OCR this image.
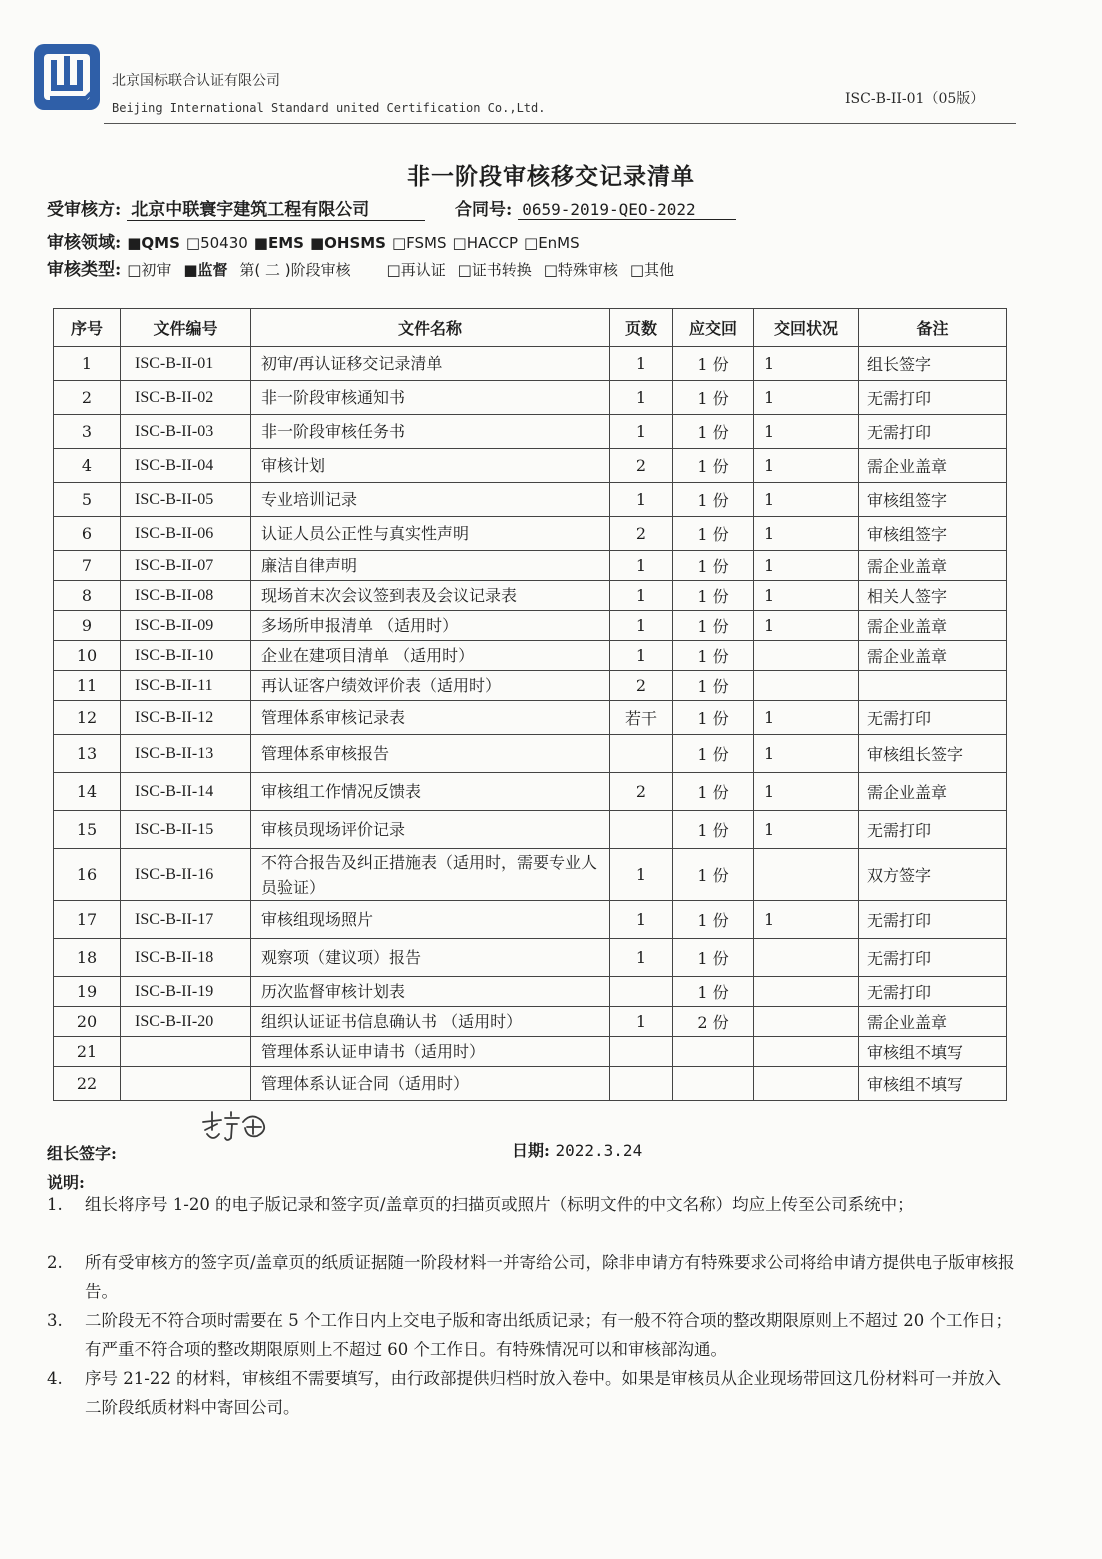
北京国标联合认证有限公司
Beijing International Standard united Certification Co.,Ltd.
ISC-B-II-01（05版）
非一阶段审核移交记录清单
受审核方: 北京中联寰宇建筑工程有限公司	合同号: 0659-2019-QEO-2022
审核领域: ■QMS □50430 ■EMS ■OHSMS □FSMS □HACCP □EnMS
审核类型: □初审 ■监督 第( 二 )阶段审核 □再认证 □证书转换 □特殊审核 □其他
序号	文件编号	文件名称	页数	应交回	交回状况	备注
1	ISC-B-II-01	初审/再认证移交记录清单	1	1 份	1	组长签字
2	ISC-B-II-02	非一阶段审核通知书	1	1 份	1	无需打印
3	ISC-B-II-03	非一阶段审核任务书	1	1 份	1	无需打印
4	ISC-B-II-04	审核计划	2	1 份	1	需企业盖章
5	ISC-B-II-05	专业培训记录	1	1 份	1	审核组签字
6	ISC-B-II-06	认证人员公正性与真实性声明	2	1 份	1	审核组签字
7	ISC-B-II-07	廉洁自律声明	1	1 份	1	需企业盖章
8	ISC-B-II-08	现场首末次会议签到表及会议记录表	1	1 份	1	相关人签字
9	ISC-B-II-09	多场所申报清单 （适用时）	1	1 份	1	需企业盖章
10	ISC-B-II-10	企业在建项目清单 （适用时）	1	1 份		需企业盖章
11	ISC-B-II-11	再认证客户绩效评价表（适用时）	2	1 份		
12	ISC-B-II-12	管理体系审核记录表	若干	1 份	1	无需打印
13	ISC-B-II-13	管理体系审核报告		1 份	1	审核组长签字
14	ISC-B-II-14	审核组工作情况反馈表	2	1 份	1	需企业盖章
15	ISC-B-II-15	审核员现场评价记录		1 份	1	无需打印
16	ISC-B-II-16	不符合报告及纠正措施表（适用时，需要专业人员验证）	1	1 份		双方签字
17	ISC-B-II-17	审核组现场照片	1	1 份	1	无需打印
18	ISC-B-II-18	观察项（建议项）报告	1	1 份		无需打印
19	ISC-B-II-19	历次监督审核计划表		1 份		无需打印
20	ISC-B-II-20	组织认证证书信息确认书 （适用时）	1	2 份		需企业盖章
21		管理体系认证申请书（适用时）				审核组不填写
22		管理体系认证合同（适用时）				审核组不填写
组长签字:	日期: 2022.3.24
说明:
1.	组长将序号 1-20 的电子版记录和签字页/盖章页的扫描页或照片（标明文件的中文名称）均应上传至公司系统中；
2.	所有受审核方的签字页/盖章页的纸质证据随一阶段材料一并寄给公司，除非申请方有特殊要求公司将给申请方提供电子版审核报告。
3.	二阶段无不符合项时需要在 5 个工作日内上交电子版和寄出纸质记录；有一般不符合项的整改期限原则上不超过 20 个工作日；有严重不符合项的整改期限原则上不超过 60 个工作日。有特殊情况可以和审核部沟通。
4.	序号 21-22 的材料，审核组不需要填写，由行政部提供归档时放入卷中。如果是审核员从企业现场带回这几份材料可一并放入二阶段纸质材料中寄回公司。
